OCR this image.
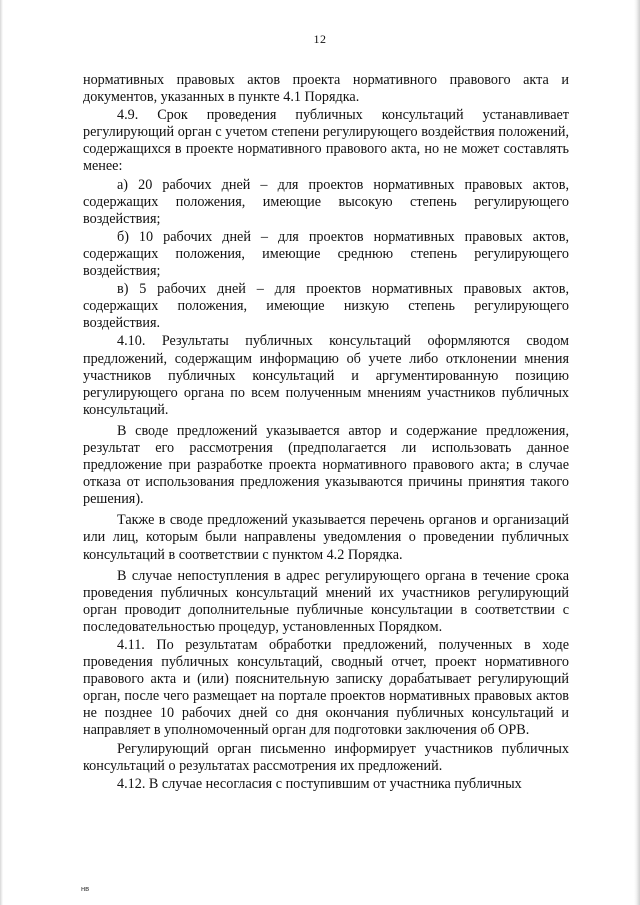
12

нормативных правовых актов проекта нормативного правового акта и документов, указанных в пункте 4.1 Порядка.

4.9. Срок проведения публичных консультаций устанавливает регулирующий орган с учетом степени регулирующего воздействия положений, содержащихся в проекте нормативного правового акта, но не может составлять менее:

а) 20 рабочих дней – для проектов нормативных правовых актов, содержащих положения, имеющие высокую степень регулирующего воздействия;

б) 10 рабочих дней – для проектов нормативных правовых актов, содержащих положения, имеющие среднюю степень регулирующего воздействия;

в) 5 рабочих дней – для проектов нормативных правовых актов, содержащих положения, имеющие низкую степень регулирующего воздействия.

4.10. Результаты публичных консультаций оформляются сводом предложений, содержащим информацию об учете либо отклонении мнения участников публичных консультаций и аргументированную позицию регулирующего органа по всем полученным мнениям участников публичных консультаций.

В своде предложений указывается автор и содержание предложения, результат его рассмотрения (предполагается ли использовать данное предложение при разработке проекта нормативного правового акта; в случае отказа от использования предложения указываются причины принятия такого решения).

Также в своде предложений указывается перечень органов и организаций или лиц, которым были направлены уведомления о проведении публичных консультаций в соответствии с пунктом 4.2 Порядка.

В случае непоступления в адрес регулирующего органа в течение срока проведения публичных консультаций мнений их участников регулирующий орган проводит дополнительные публичные консультации в соответствии с последовательностью процедур, установленных Порядком.

4.11. По результатам обработки предложений, полученных в ходе проведения публичных консультаций, сводный отчет, проект нормативного правового акта и (или) пояснительную записку дорабатывает регулирующий орган, после чего размещает на портале проектов нормативных правовых актов не позднее 10 рабочих дней со дня окончания публичных консультаций и направляет в уполномоченный орган для подготовки заключения об ОРВ.

Регулирующий орган письменно информирует участников публичных консультаций о результатах рассмотрения их предложений.

4.12. В случае несогласия с поступившим от участника публичных

нв
